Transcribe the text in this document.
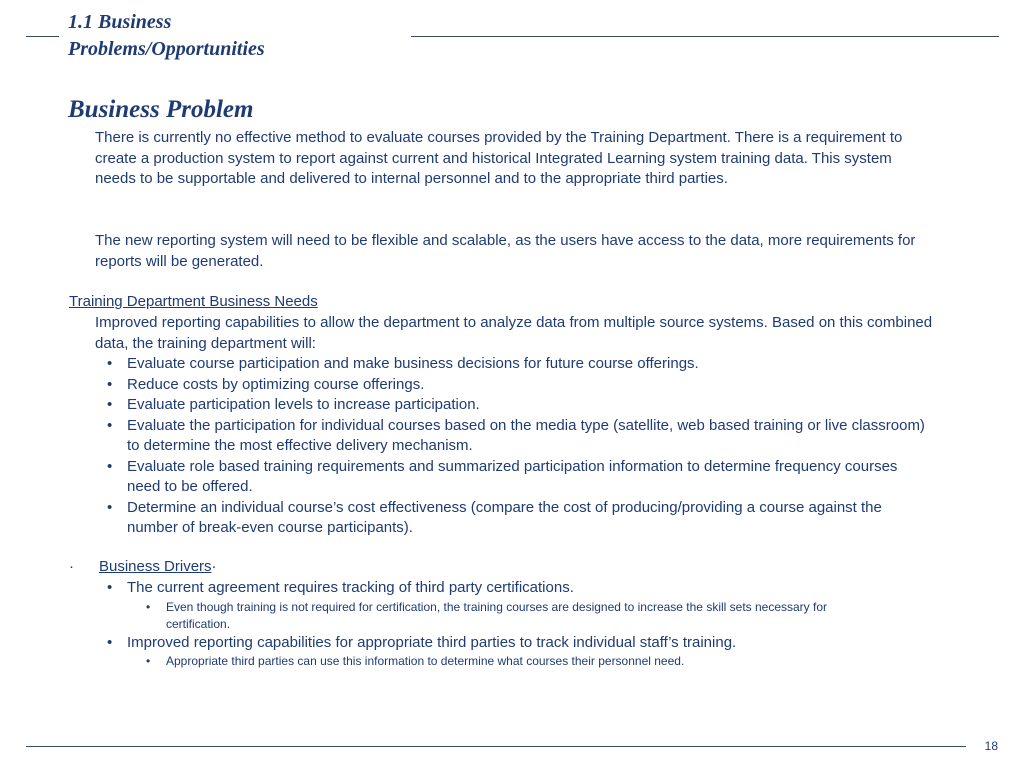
1.1 Business
Problems/Opportunities
Business Problem

There is currently no effective method to evaluate courses provided by the Training Department. There is a requirement to create a production system to report against current and historical Integrated Learning system training data. This system needs to be supportable and delivered to internal personnel and to the appropriate third parties.

The new reporting system will need to be flexible and scalable, as the users have access to the data, more requirements for reports will be generated.

Training Department Business Needs

Improved reporting capabilities to allow the department to analyze data from multiple source systems. Based on this combined data, the training department will:

• Evaluate course participation and make business decisions for future course offerings.
• Reduce costs by optimizing course offerings.
• Evaluate participation levels to increase participation.
• Evaluate the participation for individual courses based on the media type (satellite, web based training or live classroom) to determine the most effective delivery mechanism.
• Evaluate role based training requirements and summarized participation information to determine frequency courses need to be offered.
• Determine an individual course’s cost effectiveness (compare the cost of producing/providing a course against the number of break-even course participants).

· Business Drivers·

• The current agreement requires tracking of third party certifications.
• Even though training is not required for certification, the training courses are designed to increase the skill sets necessary for certification.
• Improved reporting capabilities for appropriate third parties to track individual staff’s training.
• Appropriate third parties can use this information to determine what courses their personnel need.
18
